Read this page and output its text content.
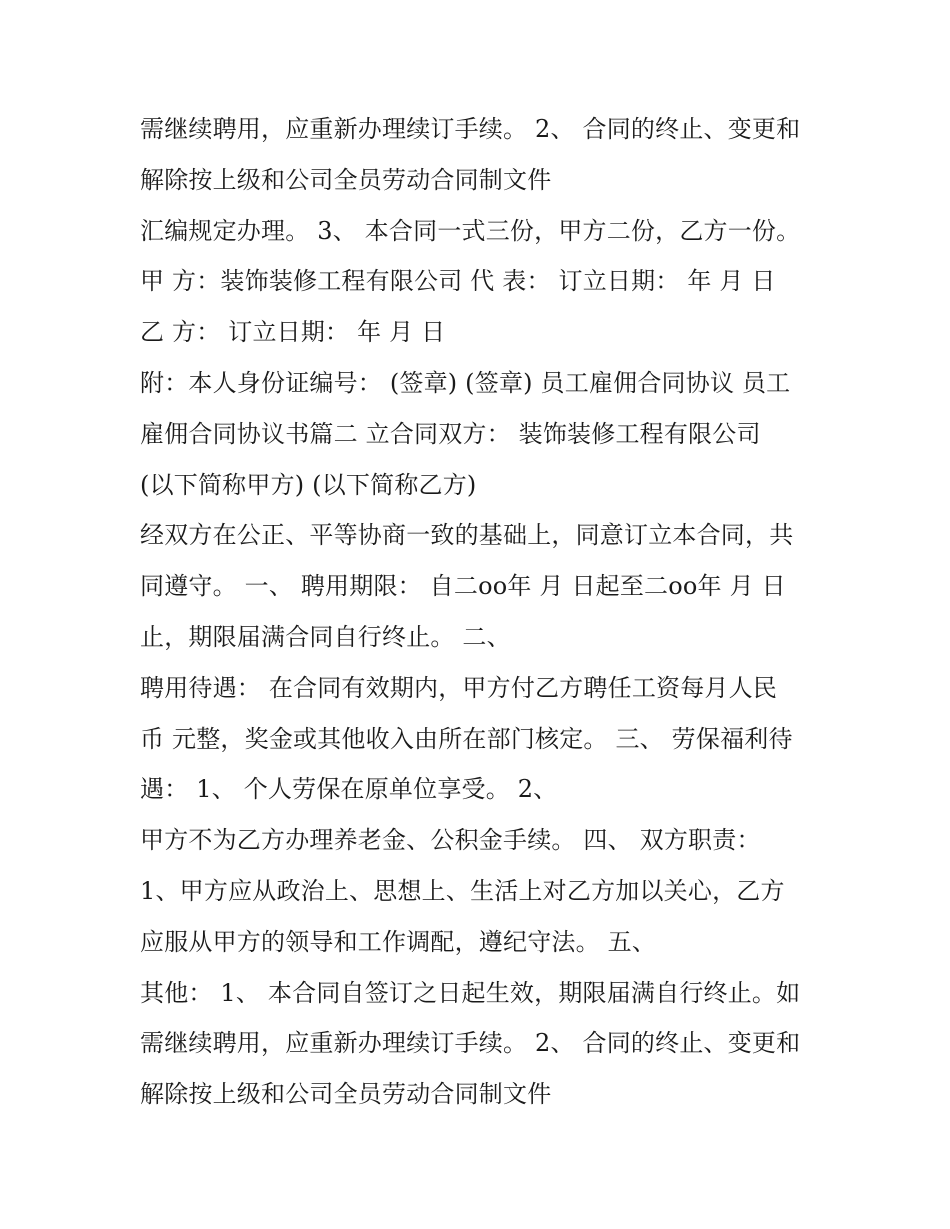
需继续聘用，应重新办理续订手续。 2、 合同的终止、变更和
解除按上级和公司全员劳动合同制文件
汇编规定办理。 3、 本合同一式三份，甲方二份，乙方一份。
甲 方：装饰装修工程有限公司 代 表： 订立日期： 年 月 日
乙 方： 订立日期： 年 月 日
附：本人身份证编号： (签章) (签章) 员工雇佣合同协议 员工
雇佣合同协议书篇二 立合同双方： 装饰装修工程有限公司
(以下简称甲方) (以下简称乙方)
经双方在公正、平等协商一致的基础上，同意订立本合同，共
同遵守。 一、 聘用期限： 自二oo年 月 日起至二oo年 月 日
止，期限届满合同自行终止。 二、
聘用待遇： 在合同有效期内，甲方付乙方聘任工资每月人民
币 元整，奖金或其他收入由所在部门核定。 三、 劳保福利待
遇： 1、 个人劳保在原单位享受。 2、
甲方不为乙方办理养老金、公积金手续。 四、 双方职责：
1、甲方应从政治上、思想上、生活上对乙方加以关心，乙方
应服从甲方的领导和工作调配，遵纪守法。 五、
其他： 1、 本合同自签订之日起生效，期限届满自行终止。如
需继续聘用，应重新办理续订手续。 2、 合同的终止、变更和
解除按上级和公司全员劳动合同制文件
